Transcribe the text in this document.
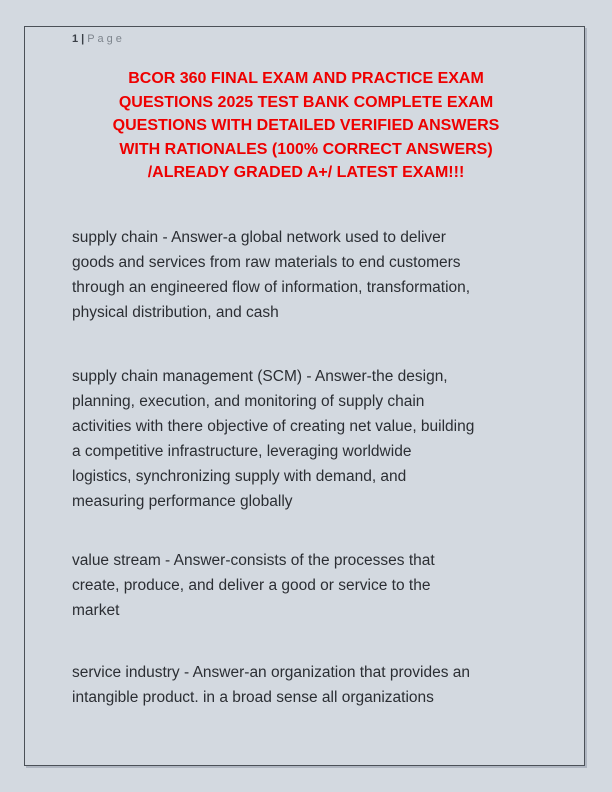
1 | Page
BCOR 360 FINAL EXAM AND PRACTICE EXAM
QUESTIONS 2025 TEST BANK COMPLETE EXAM
QUESTIONS WITH DETAILED VERIFIED ANSWERS
WITH RATIONALES (100% CORRECT ANSWERS)
/ALREADY GRADED A+/ LATEST EXAM!!!
supply chain - Answer-a global network used to deliver
goods and services from raw materials to end customers
through an engineered flow of information, transformation,
physical distribution, and cash
supply chain management (SCM) - Answer-the design,
planning, execution, and monitoring of supply chain
activities with there objective of creating net value, building
a competitive infrastructure, leveraging worldwide
logistics, synchronizing supply with demand, and
measuring performance globally
value stream - Answer-consists of the processes that
create, produce, and deliver a good or service to the
market
service industry - Answer-an organization that provides an
intangible product. in a broad sense all organizations
